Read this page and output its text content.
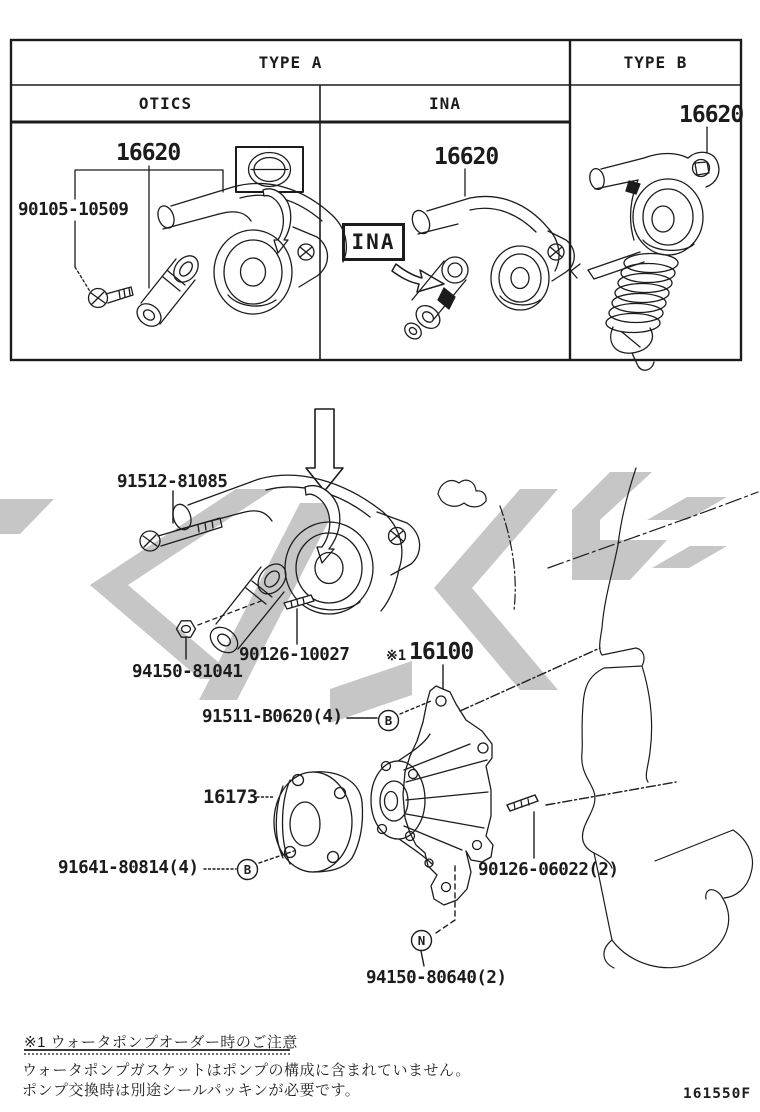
TYPE A	TYPE B
OTICS	INA
16620
90105-10509
16620
INA
16620
91512-81085
90126-10027
94150-81041
※1 16100
91511-B0620(4)
16173
91641-80814(4)	90126-06022(2)
94150-80640(2)
B
B
N
※1 ウォータポンプオーダー時のご注意
ウォータポンプガスケットはポンプの構成に含まれていません。
ポンプ交換時は別途シールパッキンが必要です。	161550F
